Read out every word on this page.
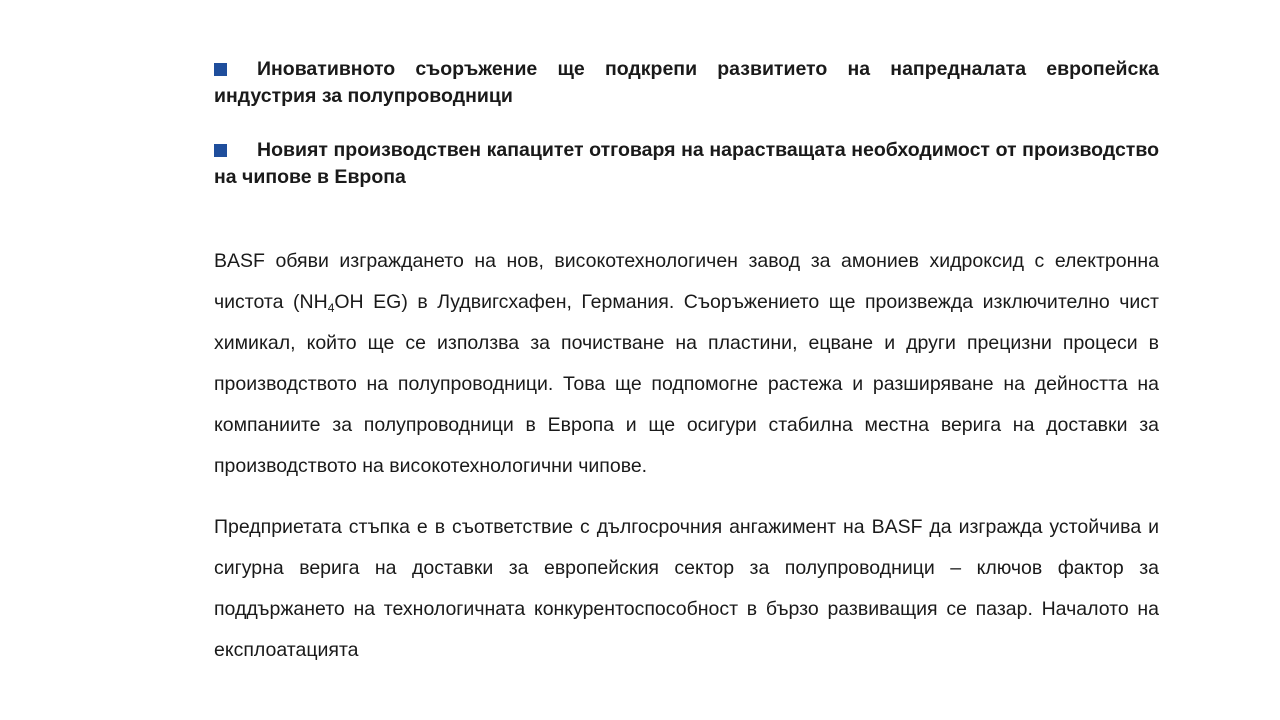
Иновативното съоръжение ще подкрепи развитието на напредналата европейска индустрия за полупроводници
Новият производствен капацитет отговаря на нарастващата необходимост от производство на чипове в Европа

BASF обяви изграждането на нов, високотехнологичен завод за амониев хидроксид с електронна чистота ($NH_4OH$ EG) в Лудвигсхафен, Германия. Съоръжението ще произвежда изключително чист химикал, който ще се използва за почистване на пластини, ецване и други прецизни процеси в производството на полупроводници. Това ще подпомогне растежа и разширяване на дейността на компаниите за полупроводници в Европа и ще осигури стабилна местна верига на доставки за производството на високотехнологични чипове.

Предприетата стъпка е в съответствие с дългосрочния ангажимент на BASF да изгражда устойчива и сигурна верига на доставки за европейския сектор за полупроводници – ключов фактор за поддържането на технологичната конкурентоспособност в бързо развиващия се пазар. Началото на експлоатацията
